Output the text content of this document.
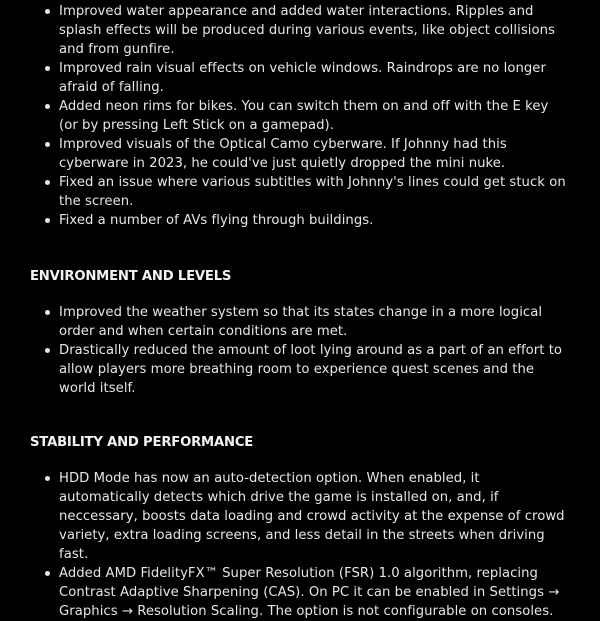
Improved water appearance and added water interactions. Ripples and splash effects will be produced during various events, like object collisions and from gunfire.
Improved rain visual effects on vehicle windows. Raindrops are no longer afraid of falling.
Added neon rims for bikes. You can switch them on and off with the E key (or by pressing Left Stick on a gamepad).
Improved visuals of the Optical Camo cyberware. If Johnny had this cyberware in 2023, he could've just quietly dropped the mini nuke.
Fixed an issue where various subtitles with Johnny's lines could get stuck on the screen.
Fixed a number of AVs flying through buildings.
ENVIRONMENT AND LEVELS
Improved the weather system so that its states change in a more logical order and when certain conditions are met.
Drastically reduced the amount of loot lying around as a part of an effort to allow players more breathing room to experience quest scenes and the world itself.
STABILITY AND PERFORMANCE
HDD Mode has now an auto-detection option. When enabled, it automatically detects which drive the game is installed on, and, if neccessary, boosts data loading and crowd activity at the expense of crowd variety, extra loading screens, and less detail in the streets when driving fast.
Added AMD FidelityFX™ Super Resolution (FSR) 1.0 algorithm, replacing Contrast Adaptive Sharpening (CAS). On PC it can be enabled in Settings → Graphics → Resolution Scaling. The option is not configurable on consoles.
